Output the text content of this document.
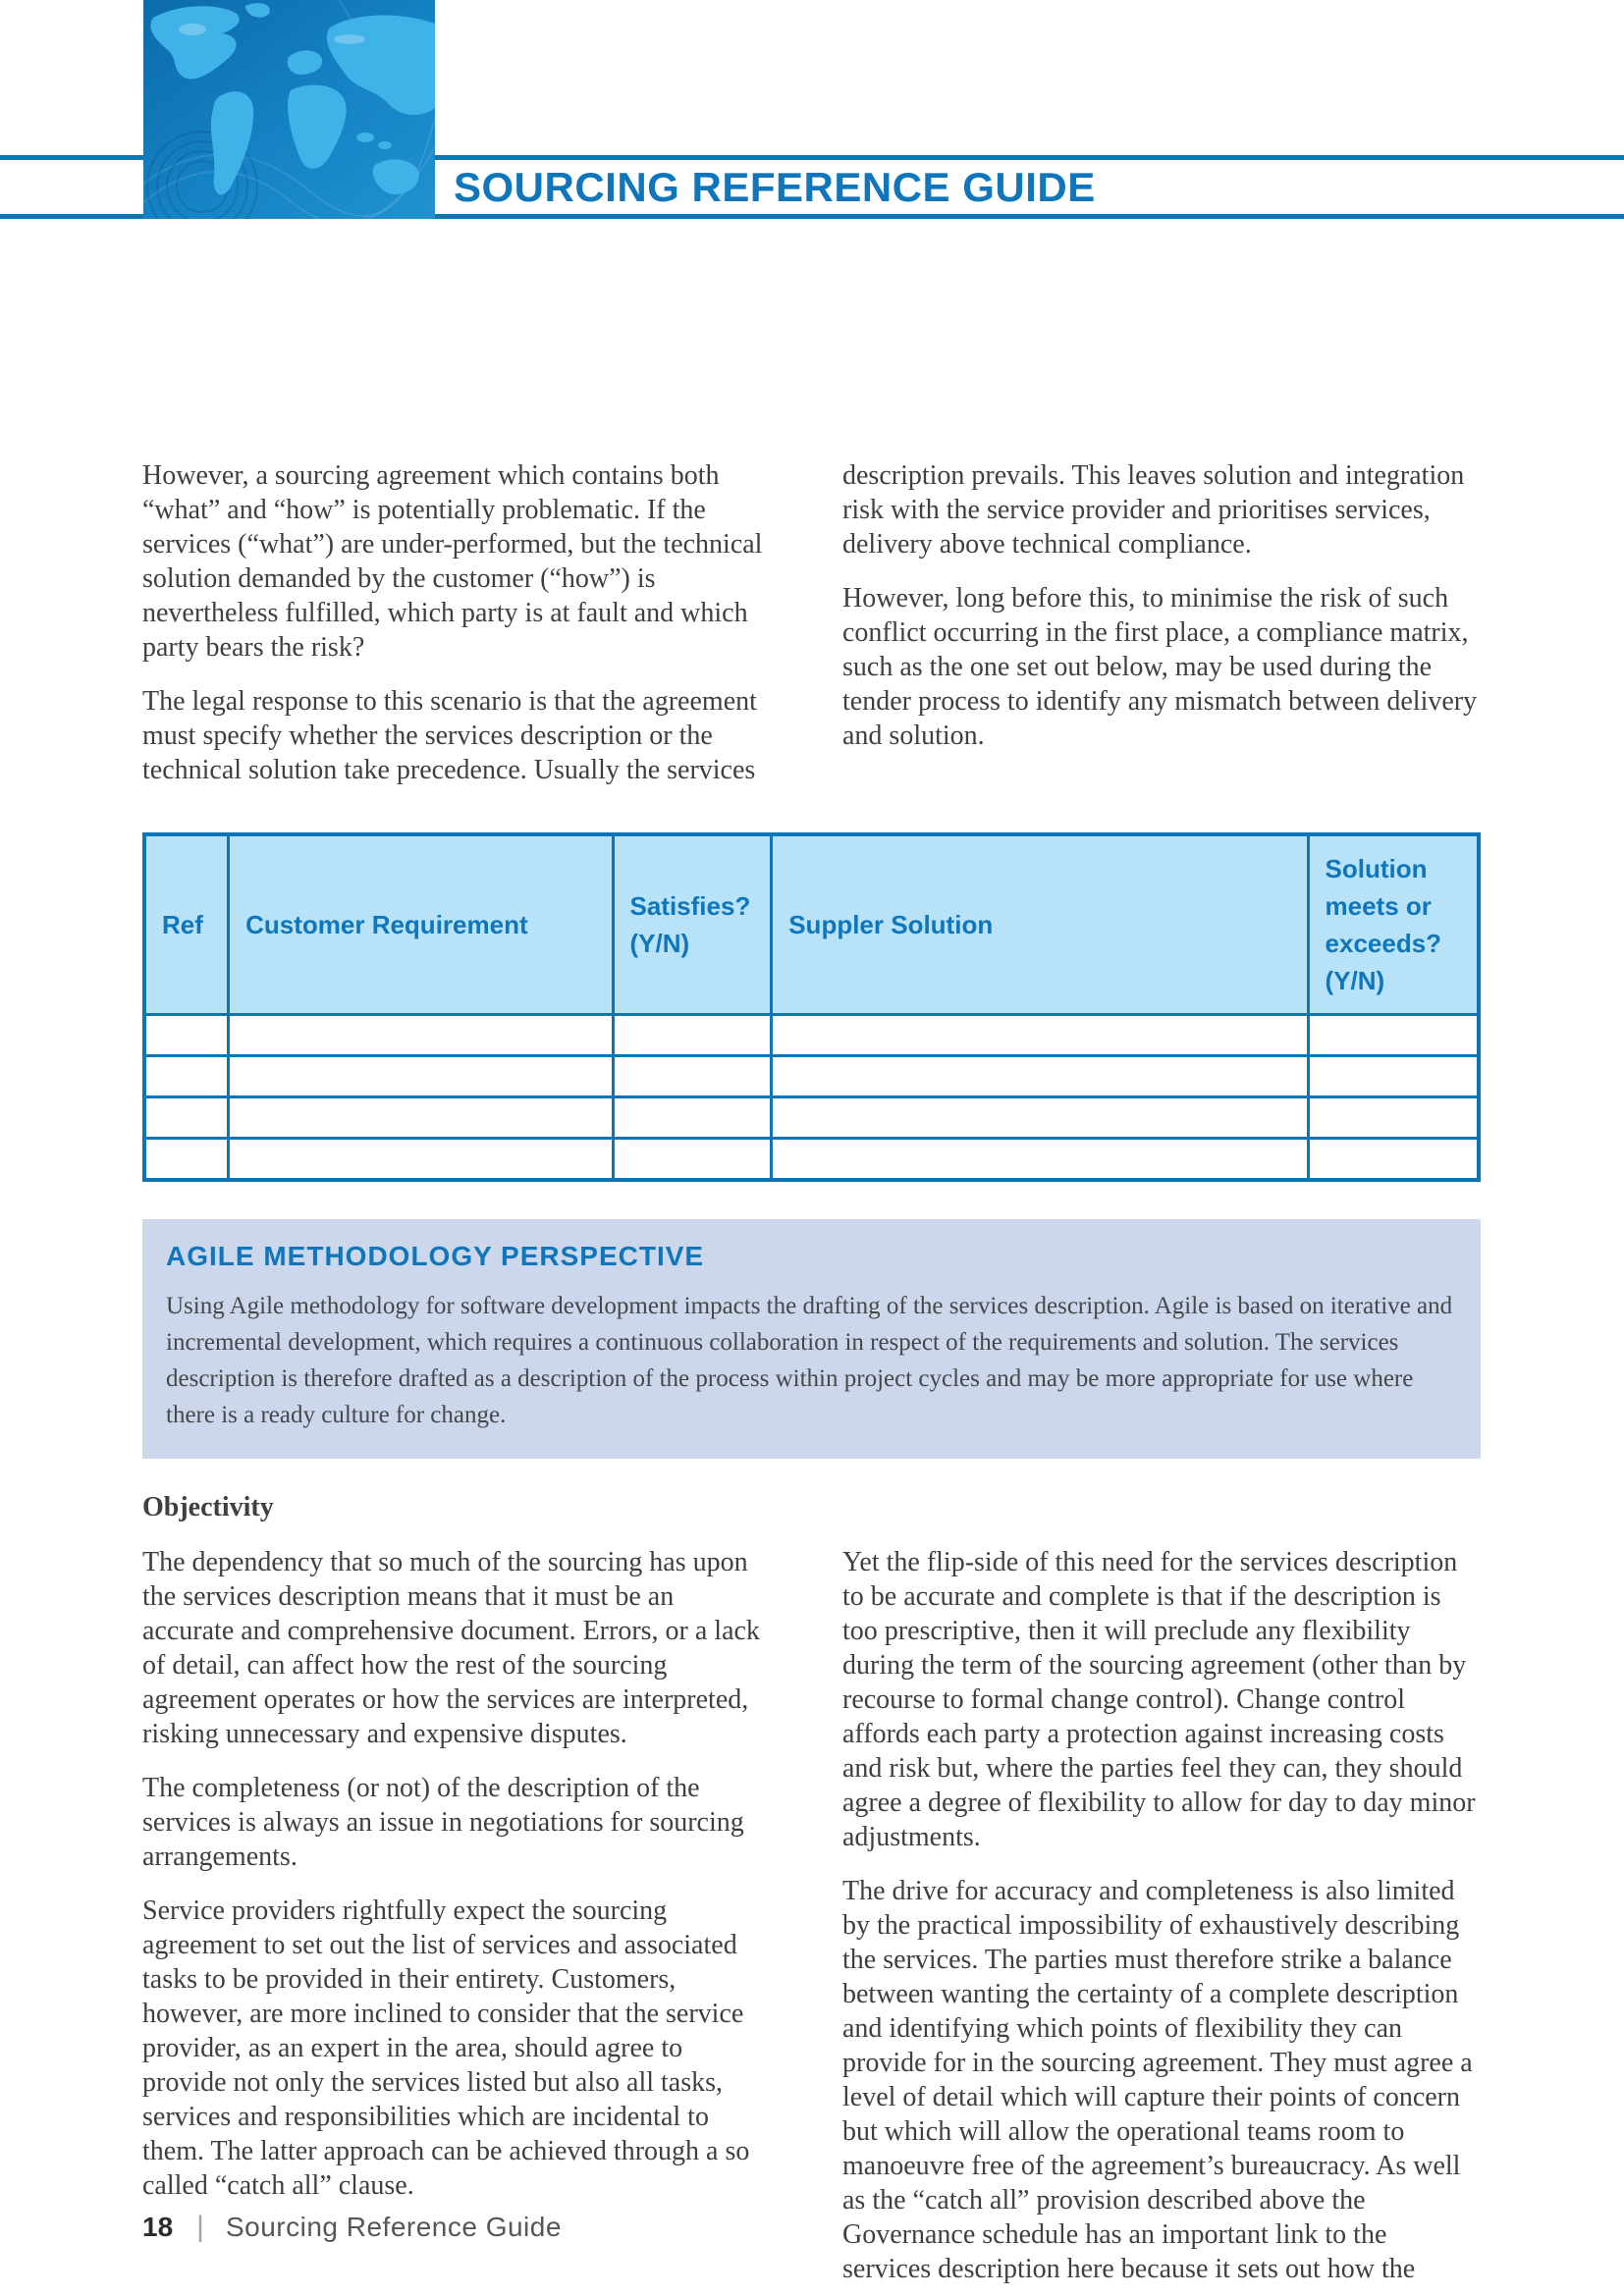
SOURCING REFERENCE GUIDE

However, a sourcing agreement which contains both “what” and “how” is potentially problematic. If the services (“what”) are under-performed, but the technical solution demanded by the customer (“how”) is nevertheless fulfilled, which party is at fault and which party bears the risk?

The legal response to this scenario is that the agreement must specify whether the services description or the technical solution take precedence. Usually the services

description prevails. This leaves solution and integration risk with the service provider and prioritises services, delivery above technical compliance.

However, long before this, to minimise the risk of such conflict occurring in the first place, a compliance matrix, such as the one set out below, may be used during the tender process to identify any mismatch between delivery and solution.

Ref	Customer Requirement	Satisfies? (Y/N)	Suppler Solution	Solution meets or exceeds? (Y/N)

AGILE METHODOLOGY PERSPECTIVE

Using Agile methodology for software development impacts the drafting of the services description. Agile is based on iterative and incremental development, which requires a continuous collaboration in respect of the requirements and solution. The services description is therefore drafted as a description of the process within project cycles and may be more appropriate for use where there is a ready culture for change.

Objectivity

The dependency that so much of the sourcing has upon the services description means that it must be an accurate and comprehensive document. Errors, or a lack of detail, can affect how the rest of the sourcing agreement operates or how the services are interpreted, risking unnecessary and expensive disputes.

The completeness (or not) of the description of the services is always an issue in negotiations for sourcing arrangements.

Service providers rightfully expect the sourcing agreement to set out the list of services and associated tasks to be provided in their entirety. Customers, however, are more inclined to consider that the service provider, as an expert in the area, should agree to provide not only the services listed but also all tasks, services and responsibilities which are incidental to them. The latter approach can be achieved through a so called “catch all” clause.

Yet the flip-side of this need for the services description to be accurate and complete is that if the description is too prescriptive, then it will preclude any flexibility during the term of the sourcing agreement (other than by recourse to formal change control). Change control affords each party a protection against increasing costs and risk but, where the parties feel they can, they should agree a degree of flexibility to allow for day to day minor adjustments.

The drive for accuracy and completeness is also limited by the practical impossibility of exhaustively describing the services. The parties must therefore strike a balance between wanting the certainty of a complete description and identifying which points of flexibility they can provide for in the sourcing agreement. They must agree a level of detail which will capture their points of concern but which will allow the operational teams room to manoeuvre free of the agreement’s bureaucracy. As well as the “catch all” provision described above the Governance schedule has an important link to the services description here because it sets out how the

18 | Sourcing Reference Guide
